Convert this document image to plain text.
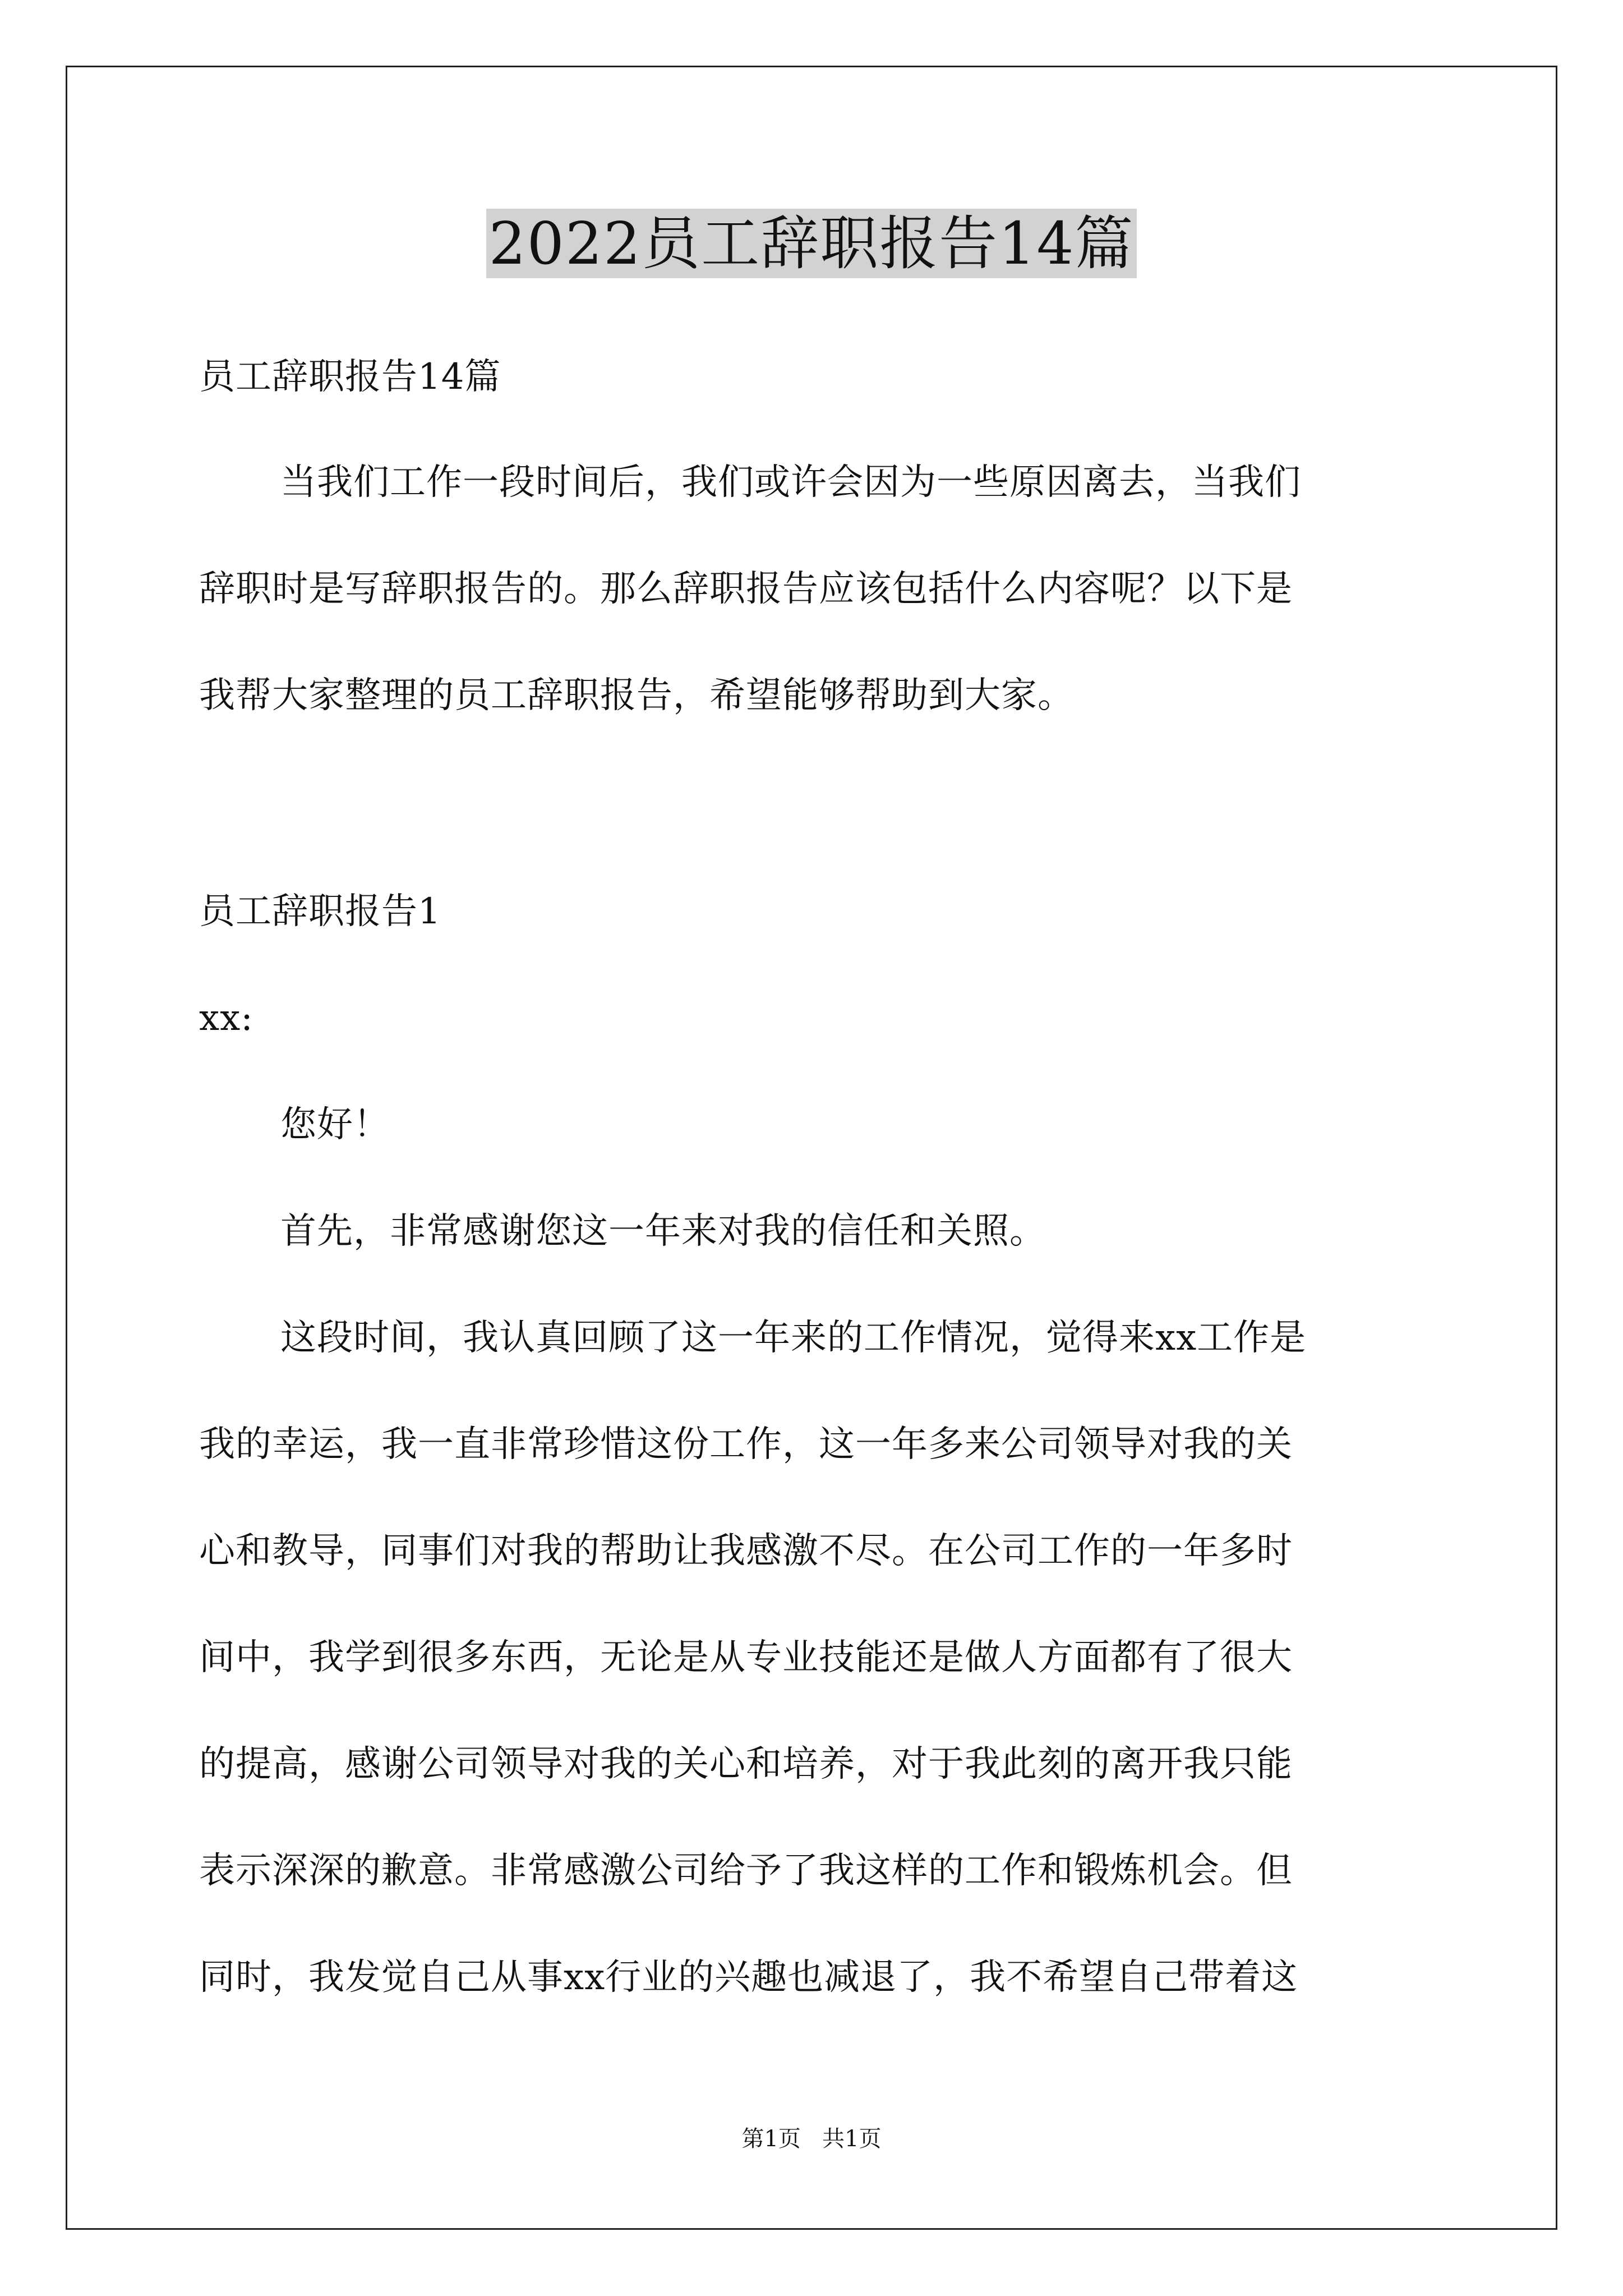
2022员工辞职报告14篇
员工辞职报告14篇
当我们工作一段时间后，我们或许会因为一些原因离去，当我们
辞职时是写辞职报告的。那么辞职报告应该包括什么内容呢？以下是
我帮大家整理的员工辞职报告，希望能够帮助到大家。
员工辞职报告1
xx:
您好！
首先，非常感谢您这一年来对我的信任和关照。
这段时间，我认真回顾了这一年来的工作情况，觉得来xx工作是
我的幸运，我一直非常珍惜这份工作，这一年多来公司领导对我的关
心和教导，同事们对我的帮助让我感激不尽。在公司工作的一年多时
间中，我学到很多东西，无论是从专业技能还是做人方面都有了很大
的提高，感谢公司领导对我的关心和培养，对于我此刻的离开我只能
表示深深的歉意。非常感激公司给予了我这样的工作和锻炼机会。但
同时，我发觉自己从事xx行业的兴趣也减退了，我不希望自己带着这
第1页   共1页
